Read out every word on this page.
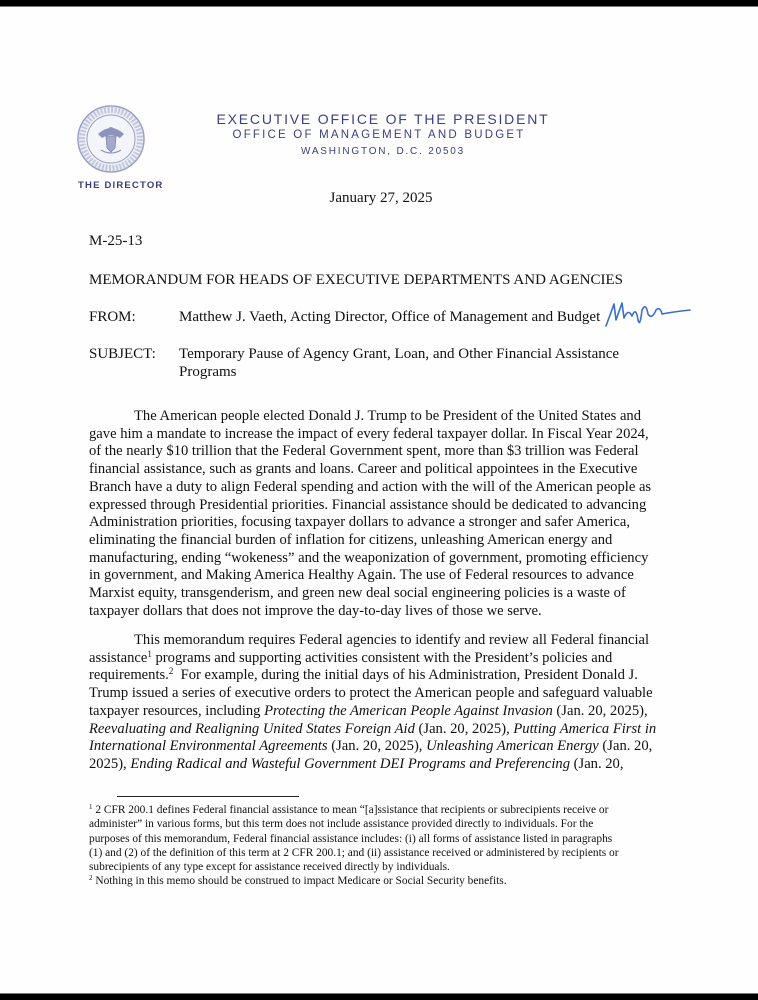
THE DIRECTOR
EXECUTIVE OFFICE OF THE PRESIDENT
OFFICE OF MANAGEMENT AND BUDGET
WASHINGTON, D.C. 20503
January 27, 2025
M-25-13
MEMORANDUM FOR HEADS OF EXECUTIVE DEPARTMENTS AND AGENCIES
FROM:	Matthew J. Vaeth, Acting Director, Office of Management and Budget
SUBJECT: Temporary Pause of Agency Grant, Loan, and Other Financial Assistance Programs
The American people elected Donald J. Trump to be President of the United States and
gave him a mandate to increase the impact of every federal taxpayer dollar. In Fiscal Year 2024,
of the nearly $10 trillion that the Federal Government spent, more than $3 trillion was Federal
financial assistance, such as grants and loans. Career and political appointees in the Executive
Branch have a duty to align Federal spending and action with the will of the American people as
expressed through Presidential priorities. Financial assistance should be dedicated to advancing
Administration priorities, focusing taxpayer dollars to advance a stronger and safer America,
eliminating the financial burden of inflation for citizens, unleashing American energy and
manufacturing, ending “wokeness” and the weaponization of government, promoting efficiency
in government, and Making America Healthy Again. The use of Federal resources to advance
Marxist equity, transgenderism, and green new deal social engineering policies is a waste of
taxpayer dollars that does not improve the day-to-day lives of those we serve.
This memorandum requires Federal agencies to identify and review all Federal financial
assistance$^1$ programs and supporting activities consistent with the President’s policies and
requirements.$^2$  For example, during the initial days of his Administration, President Donald J.
Trump issued a series of executive orders to protect the American people and safeguard valuable
taxpayer resources, including Protecting the American People Against Invasion (Jan. 20, 2025),
Reevaluating and Realigning United States Foreign Aid (Jan. 20, 2025), Putting America First in
International Environmental Agreements (Jan. 20, 2025), Unleashing American Energy (Jan. 20,
2025), Ending Radical and Wasteful Government DEI Programs and Preferencing (Jan. 20,
$^1$ 2 CFR 200.1 defines Federal financial assistance to mean “[a]ssistance that recipients or subrecipients receive or
administer” in various forms, but this term does not include assistance provided directly to individuals. For the
purposes of this memorandum, Federal financial assistance includes: (i) all forms of assistance listed in paragraphs
(1) and (2) of the definition of this term at 2 CFR 200.1; and (ii) assistance received or administered by recipients or
subrecipients of any type except for assistance received directly by individuals.
$^2$ Nothing in this memo should be construed to impact Medicare or Social Security benefits.
